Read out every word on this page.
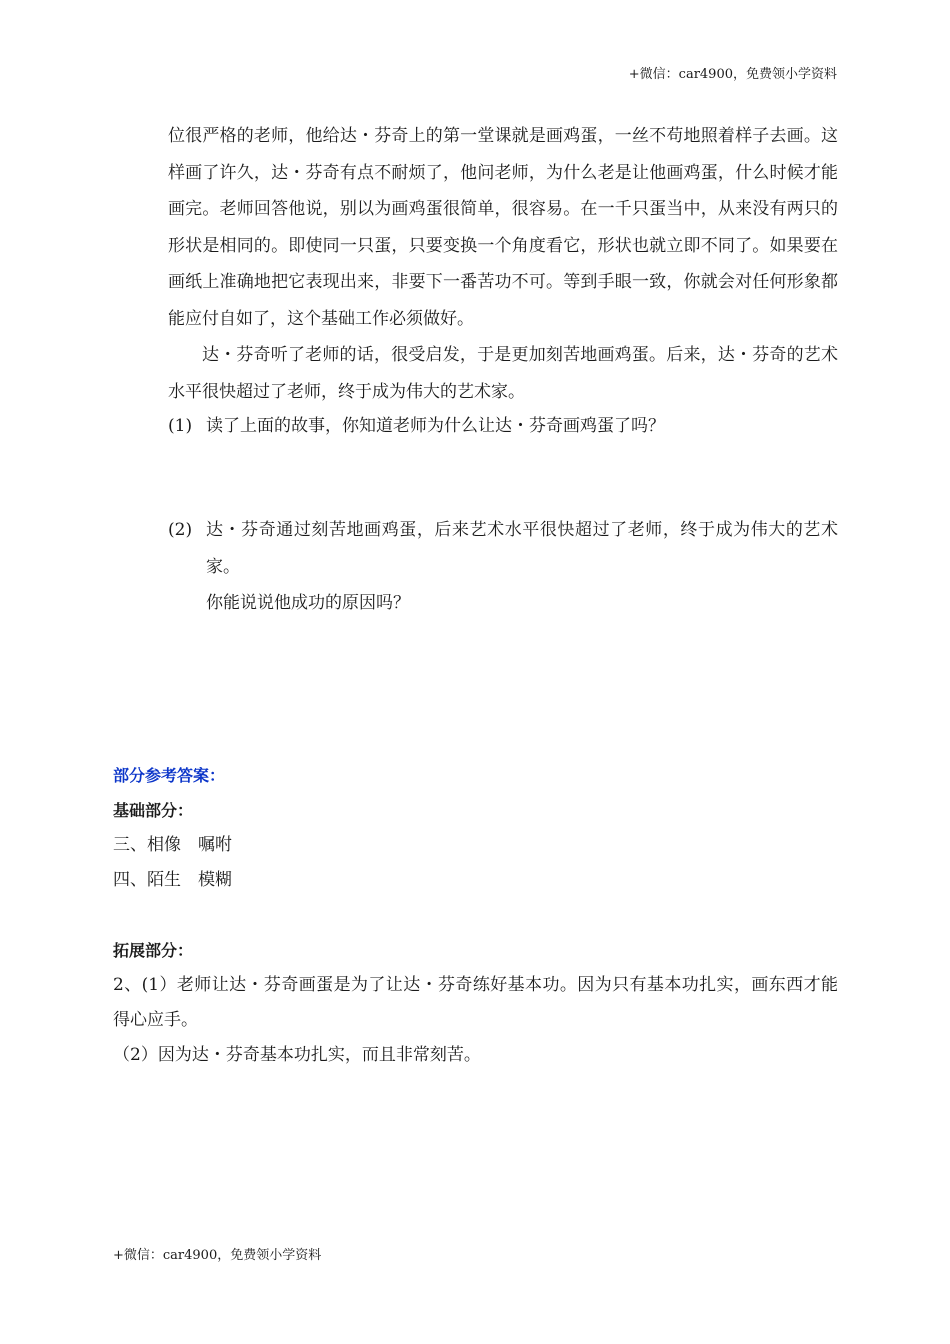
+微信：car4900，免费领小学资料

位很严格的老师，他给达・芬奇上的第一堂课就是画鸡蛋，一丝不苟地照着样子去画。这样画了许久，达・芬奇有点不耐烦了，他问老师，为什么老是让他画鸡蛋，什么时候才能画完。老师回答他说，别以为画鸡蛋很简单，很容易。在一千只蛋当中，从来没有两只的形状是相同的。即使同一只蛋，只要变换一个角度看它，形状也就立即不同了。如果要在画纸上准确地把它表现出来，非要下一番苦功不可。等到手眼一致，你就会对任何形象都能应付自如了，这个基础工作必须做好。

达・芬奇听了老师的话，很受启发，于是更加刻苦地画鸡蛋。后来，达・芬奇的艺术水平很快超过了老师，终于成为伟大的艺术家。

(1) 读了上面的故事，你知道老师为什么让达・芬奇画鸡蛋了吗？
(2) 达・芬奇通过刻苦地画鸡蛋，后来艺术水平很快超过了老师，终于成为伟大的艺术家。
你能说说他成功的原因吗？
部分参考答案：
基础部分：
三、相像　嘱咐
四、陌生　模糊
拓展部分：
2、(1）老师让达・芬奇画蛋是为了让达・芬奇练好基本功。因为只有基本功扎实，画东西才能得心应手。
（2）因为达・芬奇基本功扎实，而且非常刻苦。
+微信：car4900，免费领小学资料
